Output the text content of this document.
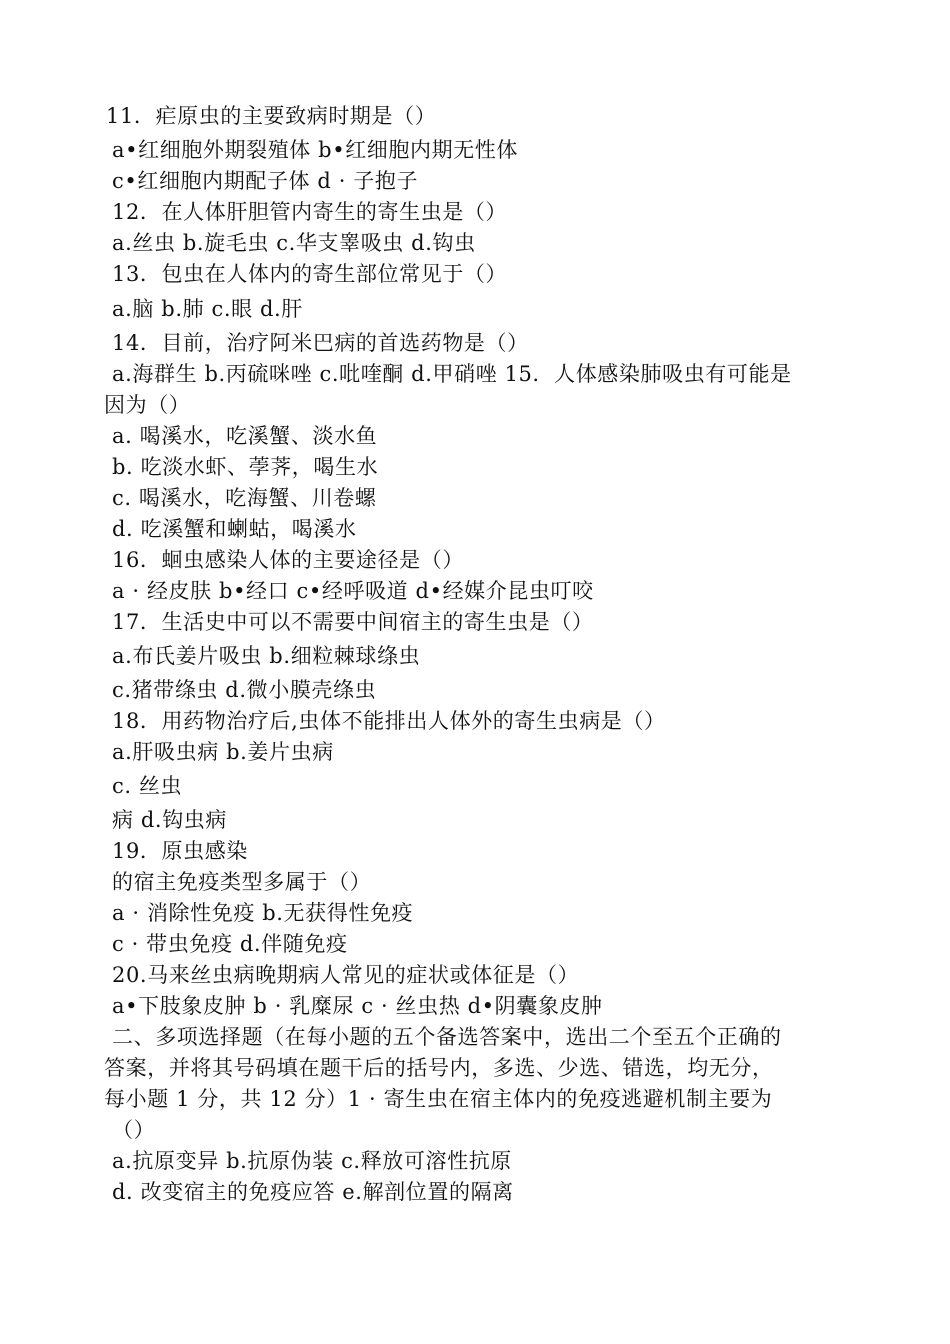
11．疟原虫的主要致病时期是（）
a•红细胞外期裂殖体 b•红细胞内期无性体
c•红细胞内期配子体 d · 子抱子
12．在人体肝胆管内寄生的寄生虫是（）
a.丝虫 b.旋毛虫 c.华支睾吸虫 d.钩虫
13．包虫在人体内的寄生部位常见于（）
a.脑 b.肺 c.眼 d.肝
14．目前，治疗阿米巴病的首选药物是（）
a.海群生 b.丙硫咪唑 c.吡喹酮 d.甲硝唑 15．人体感染肺吸虫有可能是
因为（）
a. 喝溪水，吃溪蟹、淡水鱼
b. 吃淡水虾、荸荠，喝生水
c. 喝溪水，吃海蟹、川卷螺
d. 吃溪蟹和蝲蛄，喝溪水
16．蛔虫感染人体的主要途径是（）
a · 经皮肤 b•经口 c•经呼吸道 d•经媒介昆虫叮咬
17．生活史中可以不需要中间宿主的寄生虫是（）
a.布氏姜片吸虫 b.细粒棘球绦虫
c.猪带绦虫 d.微小膜壳绦虫
18．用药物治疗后,虫体不能排出人体外的寄生虫病是（）
a.肝吸虫病 b.姜片虫病
c. 丝虫
病 d.钩虫病
19．原虫感染
的宿主免疫类型多属于（）
a · 消除性免疫 b.无获得性免疫
c · 带虫免疫 d.伴随免疫
20.马来丝虫病晚期病人常见的症状或体征是（）
a•下肢象皮肿 b · 乳糜尿 c · 丝虫热 d•阴囊象皮肿
二、多项选择题（在每小题的五个备选答案中，选出二个至五个正确的
答案，并将其号码填在题干后的括号内，多选、少选、错选，均无分，
每小题 1 分，共 12 分）1 · 寄生虫在宿主体内的免疫逃避机制主要为
（）
a.抗原变异 b.抗原伪装 c.释放可溶性抗原
d. 改变宿主的免疫应答 e.解剖位置的隔离
